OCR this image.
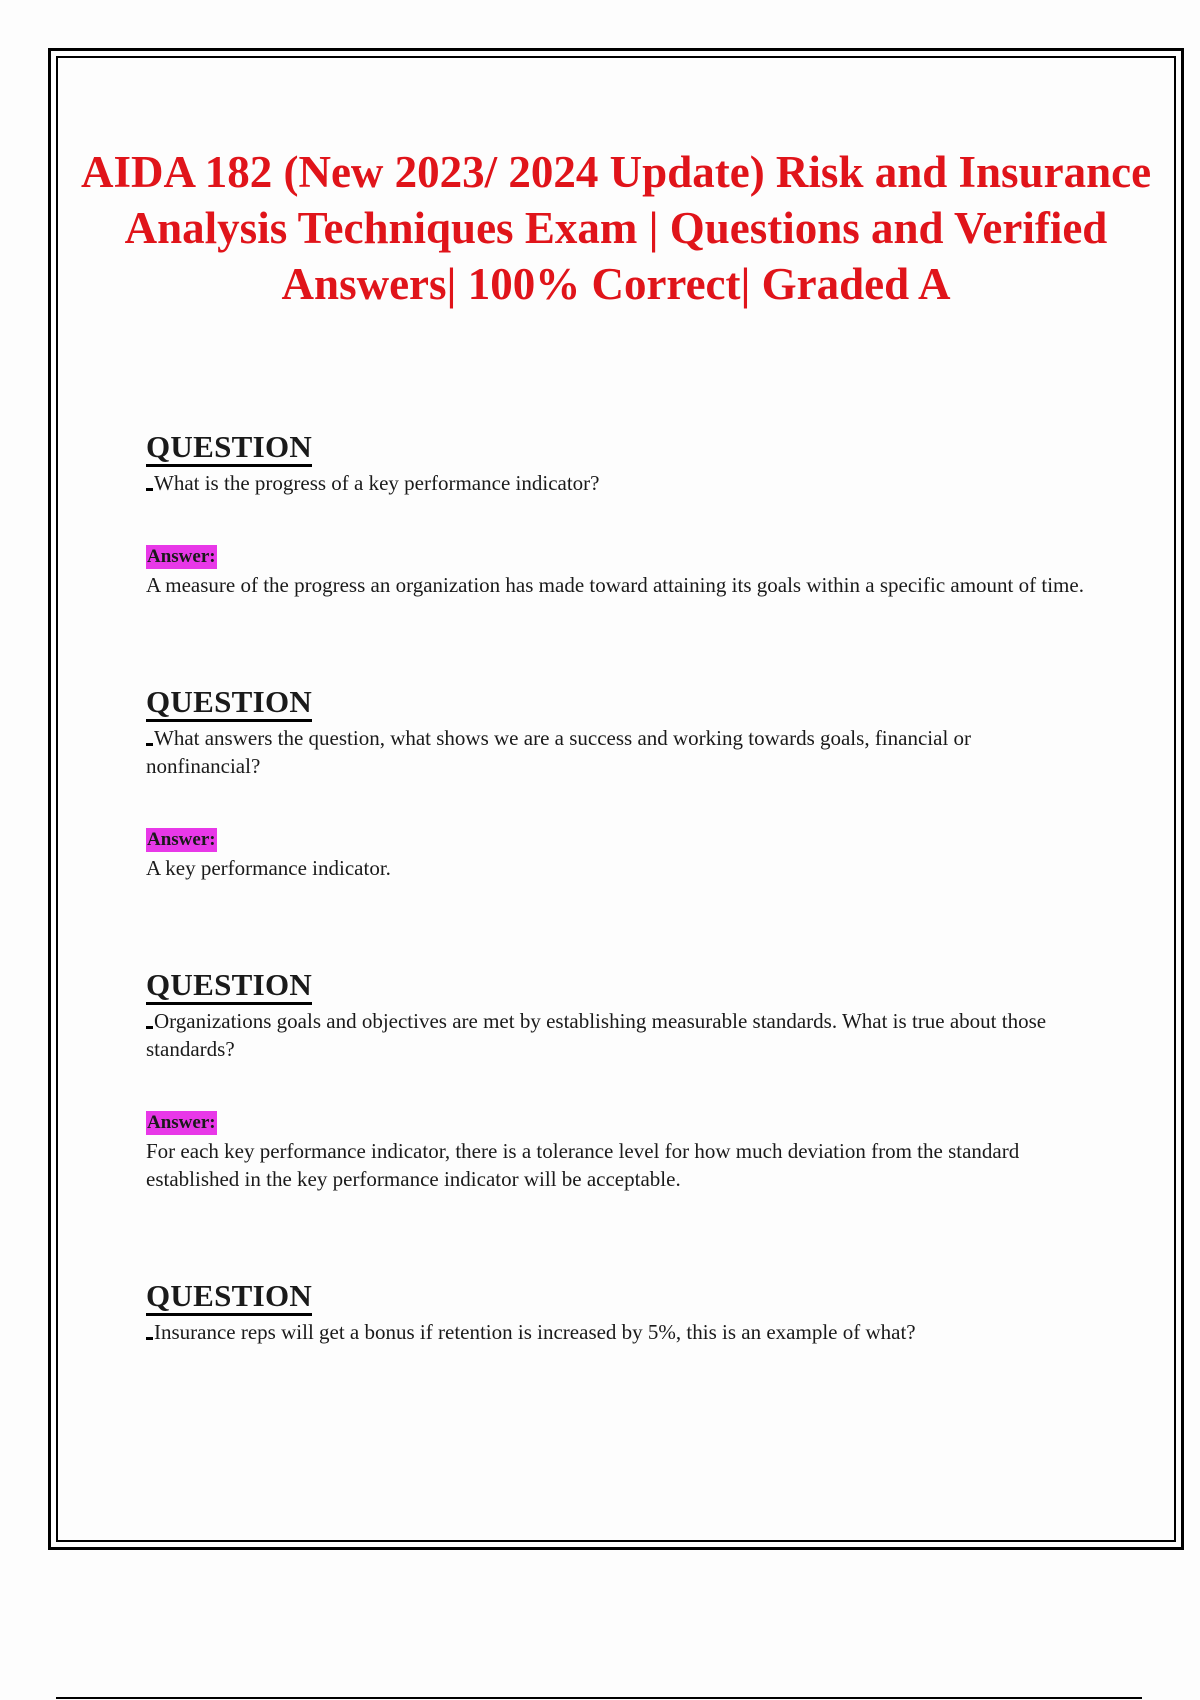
AIDA 182 (New 2023/ 2024 Update) Risk and Insurance Analysis Techniques Exam | Questions and Verified Answers| 100% Correct| Graded A
QUESTION
What is the progress of a key performance indicator?
Answer:
A measure of the progress an organization has made toward attaining its goals within a specific amount of time.
QUESTION
What answers the question, what shows we are a success and working towards goals, financial or nonfinancial?
Answer:
A key performance indicator.
QUESTION
Organizations goals and objectives are met by establishing measurable standards. What is true about those standards?
Answer:
For each key performance indicator, there is a tolerance level for how much deviation from the standard established in the key performance indicator will be acceptable.
QUESTION
Insurance reps will get a bonus if retention is increased by 5%, this is an example of what?
